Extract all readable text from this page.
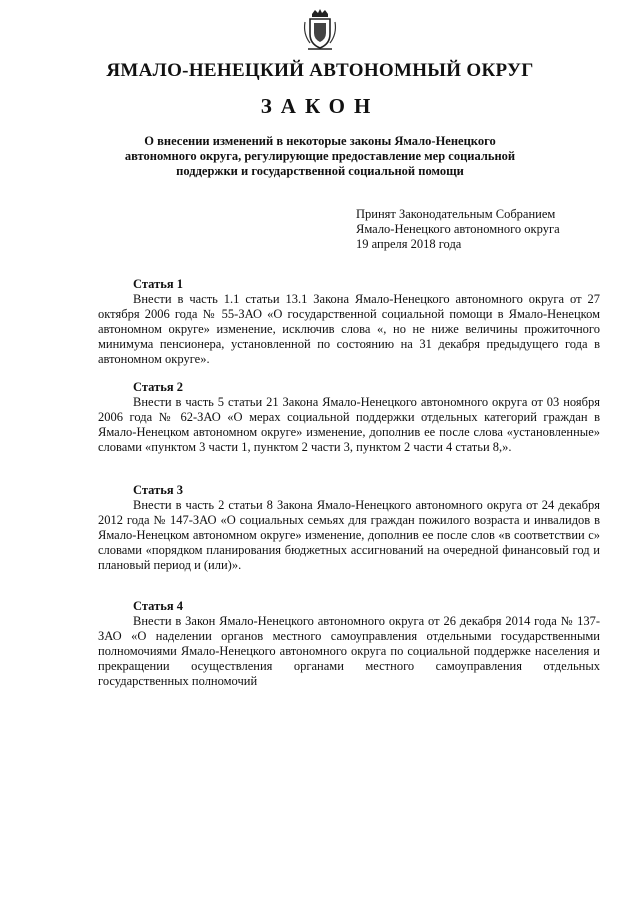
ЯМАЛО-НЕНЕЦКИЙ АВТОНОМНЫЙ ОКРУГ
ЗАКОН
О внесении изменений в некоторые законы Ямало-Ненецкого автономного округа, регулирующие предоставление мер социальной поддержки и государственной социальной помощи
Принят Законодательным Собранием
Ямало-Ненецкого автономного округа
19 апреля 2018 года
Статья 1
Внести в часть 1.1 статьи 13.1 Закона Ямало-Ненецкого автономного округа от 27 октября 2006 года № 55-ЗАО «О государственной социальной помощи в Ямало-Ненецком автономном округе» изменение, исключив слова «, но не ниже величины прожиточного минимума пенсионера, установленной по состоянию на 31 декабря предыдущего года в автономном округе».
Статья 2
Внести в часть 5 статьи 21 Закона Ямало-Ненецкого автономного округа от 03 ноября 2006 года № 62-ЗАО «О мерах социальной поддержки отдельных категорий граждан в Ямало-Ненецком автономном округе» изменение, дополнив ее после слова «установленные» словами «пунктом 3 части 1, пунктом 2 части 3, пунктом 2 части 4 статьи 8,».
Статья 3
Внести в часть 2 статьи 8 Закона Ямало-Ненецкого автономного округа от 24 декабря 2012 года № 147-ЗАО «О социальных семьях для граждан пожилого возраста и инвалидов в Ямало-Ненецком автономном округе» изменение, дополнив ее после слов «в соответствии с» словами «порядком планирования бюджетных ассигнований на очередной финансовый год и плановый период и (или)».
Статья 4
Внести в Закон Ямало-Ненецкого автономного округа от 26 декабря 2014 года № 137-ЗАО «О наделении органов местного самоуправления отдельными государственными полномочиями Ямало-Ненецкого автономного округа по социальной поддержке населения и прекращении осуществления органами местного самоуправления отдельных государственных полномочий
